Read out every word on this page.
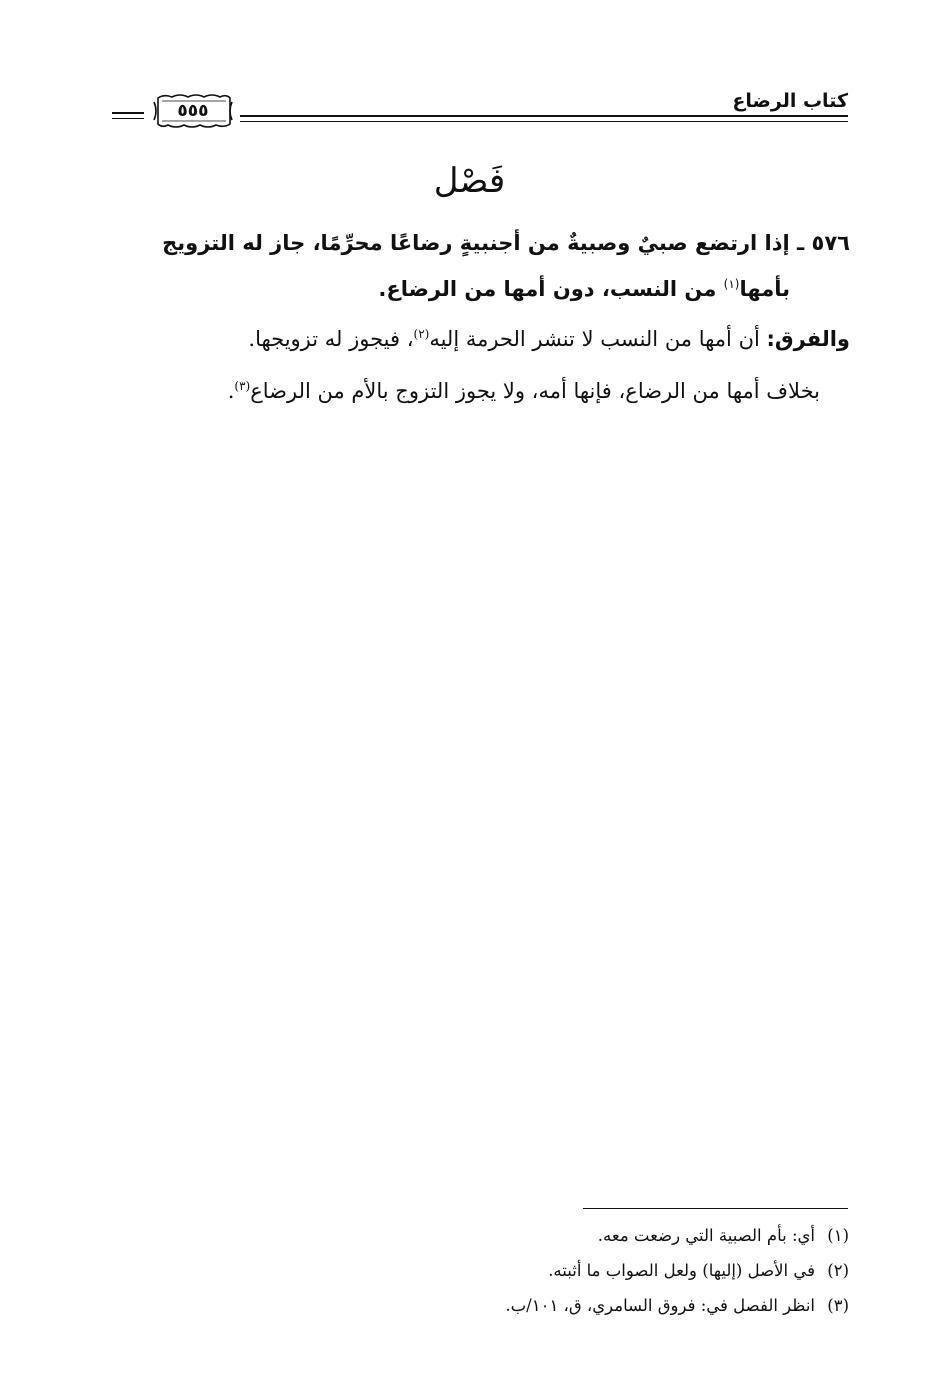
كتاب الرضاع
٥٥٥
فَصْل

٥٧٦ ـ إذا ارتضع صبيٌ وصبيةٌ من أجنبيةٍ رضاعًا محرِّمًا، جاز له التزويج
بأمها$^{(١)}$ من النسب، دون أمها من الرضاع.

والفرق: أن أمها من النسب لا تنشر الحرمة إليه$^{(٢)}$، فيجوز له تزويجها.

بخلاف أمها من الرضاع، فإنها أمه، ولا يجوز التزوج بالأم من الرضاع$^{(٣)}$.

(١)أي: بأم الصبية التي رضعت معه.
(٢)في الأصل (إليها) ولعل الصواب ما أثبته.
(٣)انظر الفصل في: فروق السامري، ق، ١٠١/ب.
